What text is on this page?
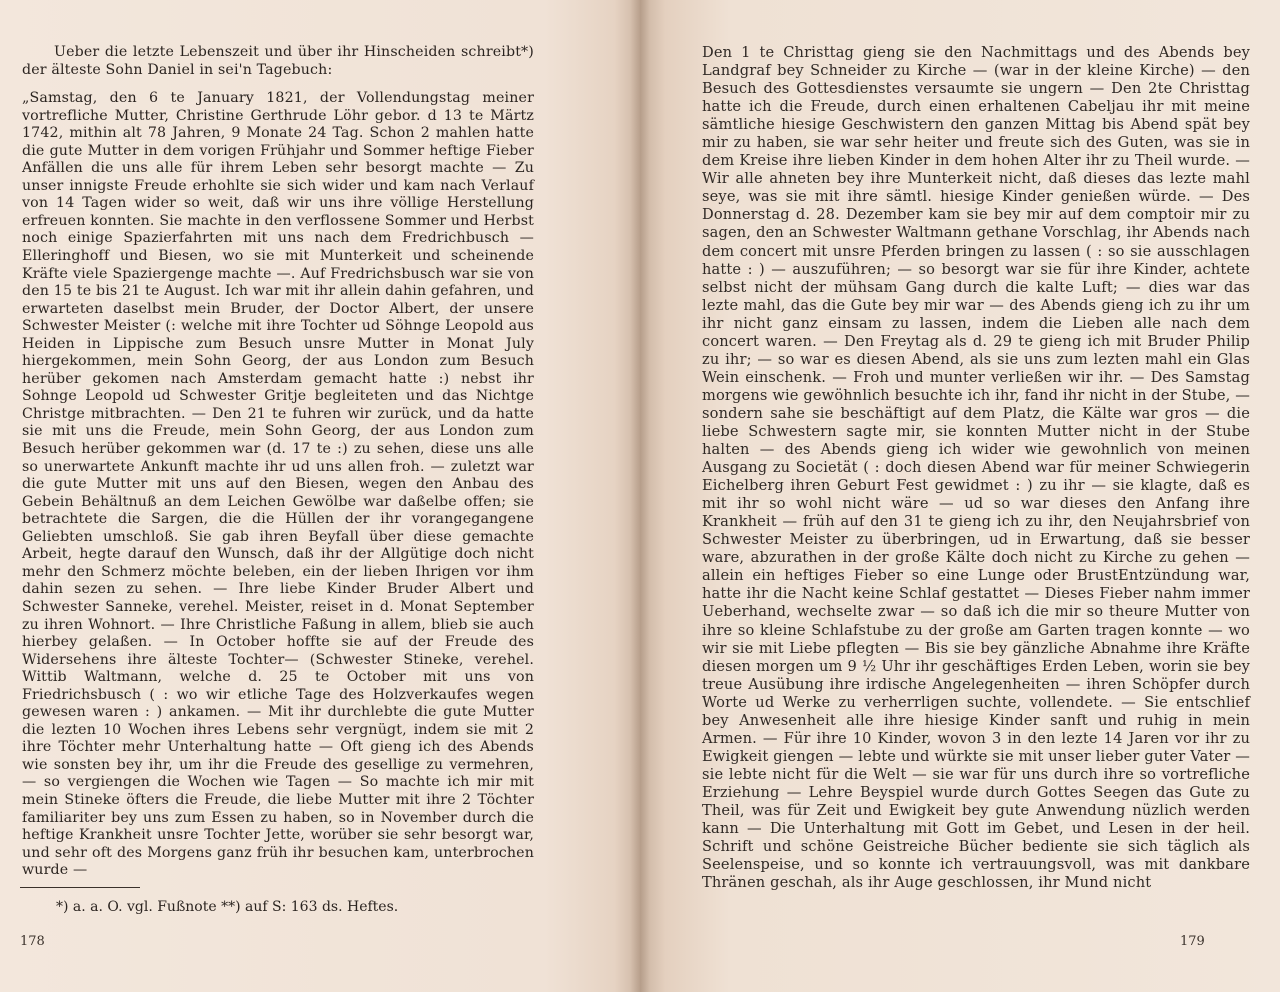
Ueber die letzte Lebenszeit und über ihr Hinscheiden schreibt*) der älteste Sohn Daniel in sei'n Tagebuch:

„Samstag, den 6 te January 1821, der Vollendungstag meiner vortrefliche Mutter, Christine Gerthrude Löhr gebor. d 13 te Märtz 1742, mithin alt 78 Jahren, 9 Monate 24 Tag. Schon 2 mahlen hatte die gute Mutter in dem vorigen Frühjahr und Sommer heftige Fieber Anfällen die uns alle für ihrem Leben sehr besorgt machte — Zu unser innigste Freude erhohlte sie sich wider und kam nach Verlauf von 14 Tagen wider so weit, daß wir uns ihre völlige Herstellung erfreuen konnten. Sie machte in den verflossene Sommer und Herbst noch einige Spazierfahrten mit uns nach dem Fredrichbusch — Elleringhoff und Biesen, wo sie mit Munterkeit und scheinende Kräfte viele Spaziergenge machte —. Auf Fredrichsbusch war sie von den 15 te bis 21 te August. Ich war mit ihr allein dahin gefahren, und erwarteten daselbst mein Bruder, der Doctor Albert, der unsere Schwester Meister (: welche mit ihre Tochter ud Söhnge Leopold aus Heiden in Lippische zum Besuch unsre Mutter in Monat July hiergekommen, mein Sohn Georg, der aus London zum Besuch herüber gekomen nach Amsterdam gemacht hatte :) nebst ihr Sohnge Leopold ud Schwester Gritje begleiteten und das Nichtge Christge mitbrachten. — Den 21 te fuhren wir zurück, und da hatte sie mit uns die Freude, mein Sohn Georg, der aus London zum Besuch herüber gekommen war (d. 17 te :) zu sehen, diese uns alle so unerwartete Ankunft machte ihr ud uns allen froh. — zuletzt war die gute Mutter mit uns auf den Biesen, wegen den Anbau des Gebein Behältnuß an dem Leichen Gewölbe war daßelbe offen; sie betrachtete die Sargen, die die Hüllen der ihr vorangegangene Geliebten umschloß. Sie gab ihren Beyfall über diese gemachte Arbeit, hegte darauf den Wunsch, daß ihr der Allgütige doch nicht mehr den Schmerz möchte beleben, ein der lieben Ihrigen vor ihm dahin sezen zu sehen. — Ihre liebe Kinder Bruder Albert und Schwester Sanneke, verehel. Meister, reiset in d. Monat September zu ihren Wohnort. — Ihre Christliche Faßung in allem, blieb sie auch hierbey gelaßen. — In October hoffte sie auf der Freude des Widersehens ihre älteste Tochter— (Schwester Stineke, verehel. Wittib Waltmann, welche d. 25 te October mit uns von Friedrichsbusch ( : wo wir etliche Tage des Holzverkaufes wegen gewesen waren : ) ankamen. — Mit ihr durchlebte die gute Mutter die lezten 10 Wochen ihres Lebens sehr vergnügt, indem sie mit 2 ihre Töchter mehr Unterhaltung hatte — Oft gieng ich des Abends wie sonsten bey ihr, um ihr die Freude des gesellige zu vermehren, — so vergiengen die Wochen wie Tagen — So machte ich mir mit mein Stineke öfters die Freude, die liebe Mutter mit ihre 2 Töchter familiariter bey uns zum Essen zu haben, so in November durch die heftige Krankheit unsre Tochter Jette, worüber sie sehr besorgt war, und sehr oft des Morgens ganz früh ihr besuchen kam, unterbrochen wurde —

*) a. a. O. vgl. Fußnote **) auf S: 163 ds. Heftes.
178

Den 1 te Christtag gieng sie den Nachmittags und des Abends bey Landgraf bey Schneider zu Kirche — (war in der kleine Kirche) — den Besuch des Gottesdienstes versaumte sie ungern — Den 2te Christtag hatte ich die Freude, durch einen erhaltenen Cabeljau ihr mit meine sämtliche hiesige Geschwistern den ganzen Mittag bis Abend spät bey mir zu haben, sie war sehr heiter und freute sich des Guten, was sie in dem Kreise ihre lieben Kinder in dem hohen Alter ihr zu Theil wurde. — Wir alle ahneten bey ihre Munterkeit nicht, daß dieses das lezte mahl seye, was sie mit ihre sämtl. hiesige Kinder genießen würde. — Des Donnerstag d. 28. Dezember kam sie bey mir auf dem comptoir mir zu sagen, den an Schwester Waltmann gethane Vorschlag, ihr Abends nach dem concert mit unsre Pferden bringen zu lassen ( : so sie ausschlagen hatte : ) — auszuführen; — so besorgt war sie für ihre Kinder, achtete selbst nicht der mühsam Gang durch die kalte Luft; — dies war das lezte mahl, das die Gute bey mir war — des Abends gieng ich zu ihr um ihr nicht ganz einsam zu lassen, indem die Lieben alle nach dem concert waren. — Den Freytag als d. 29 te gieng ich mit Bruder Philip zu ihr; — so war es diesen Abend, als sie uns zum lezten mahl ein Glas Wein einschenk. — Froh und munter verließen wir ihr. — Des Samstag morgens wie gewöhnlich besuchte ich ihr, fand ihr nicht in der Stube, — sondern sahe sie beschäftigt auf dem Platz, die Kälte war gros — die liebe Schwestern sagte mir, sie konnten Mutter nicht in der Stube halten — des Abends gieng ich wider wie gewohnlich von meinen Ausgang zu Societät ( : doch diesen Abend war für meiner Schwiegerin Eichelberg ihren Geburt Fest gewidmet : ) zu ihr — sie klagte, daß es mit ihr so wohl nicht wäre — ud so war dieses den Anfang ihre Krankheit — früh auf den 31 te gieng ich zu ihr, den Neujahrsbrief von Schwester Meister zu überbringen, ud in Erwartung, daß sie besser ware, abzurathen in der große Kälte doch nicht zu Kirche zu gehen — allein ein heftiges Fieber so eine Lunge oder BrustEntzündung war, hatte ihr die Nacht keine Schlaf gestattet — Dieses Fieber nahm immer Ueberhand, wechselte zwar — so daß ich die mir so theure Mutter von ihre so kleine Schlafstube zu der große am Garten tragen konnte — wo wir sie mit Liebe pflegten — Bis sie bey gänzliche Abnahme ihre Kräfte diesen morgen um 9 ½ Uhr ihr geschäftiges Erden Leben, worin sie bey treue Ausübung ihre irdische Angelegenheiten — ihren Schöpfer durch Worte ud Werke zu verherrligen suchte, vollendete. — Sie entschlief bey Anwesenheit alle ihre hiesige Kinder sanft und ruhig in mein Armen. — Für ihre 10 Kinder, wovon 3 in den lezte 14 Jaren vor ihr zu Ewigkeit giengen — lebte und würkte sie mit unser lieber guter Vater — sie lebte nicht für die Welt — sie war für uns durch ihre so vortrefliche Erziehung — Lehre Beyspiel wurde durch Gottes Seegen das Gute zu Theil, was für Zeit und Ewigkeit bey gute Anwendung nüzlich werden kann — Die Unterhaltung mit Gott im Gebet, und Lesen in der heil. Schrift und schöne Geistreiche Bücher bediente sie sich täglich als Seelenspeise, und so konnte ich vertrauungsvoll, was mit dankbare Thränen geschah, als ihr Auge geschlossen, ihr Mund nicht

179
